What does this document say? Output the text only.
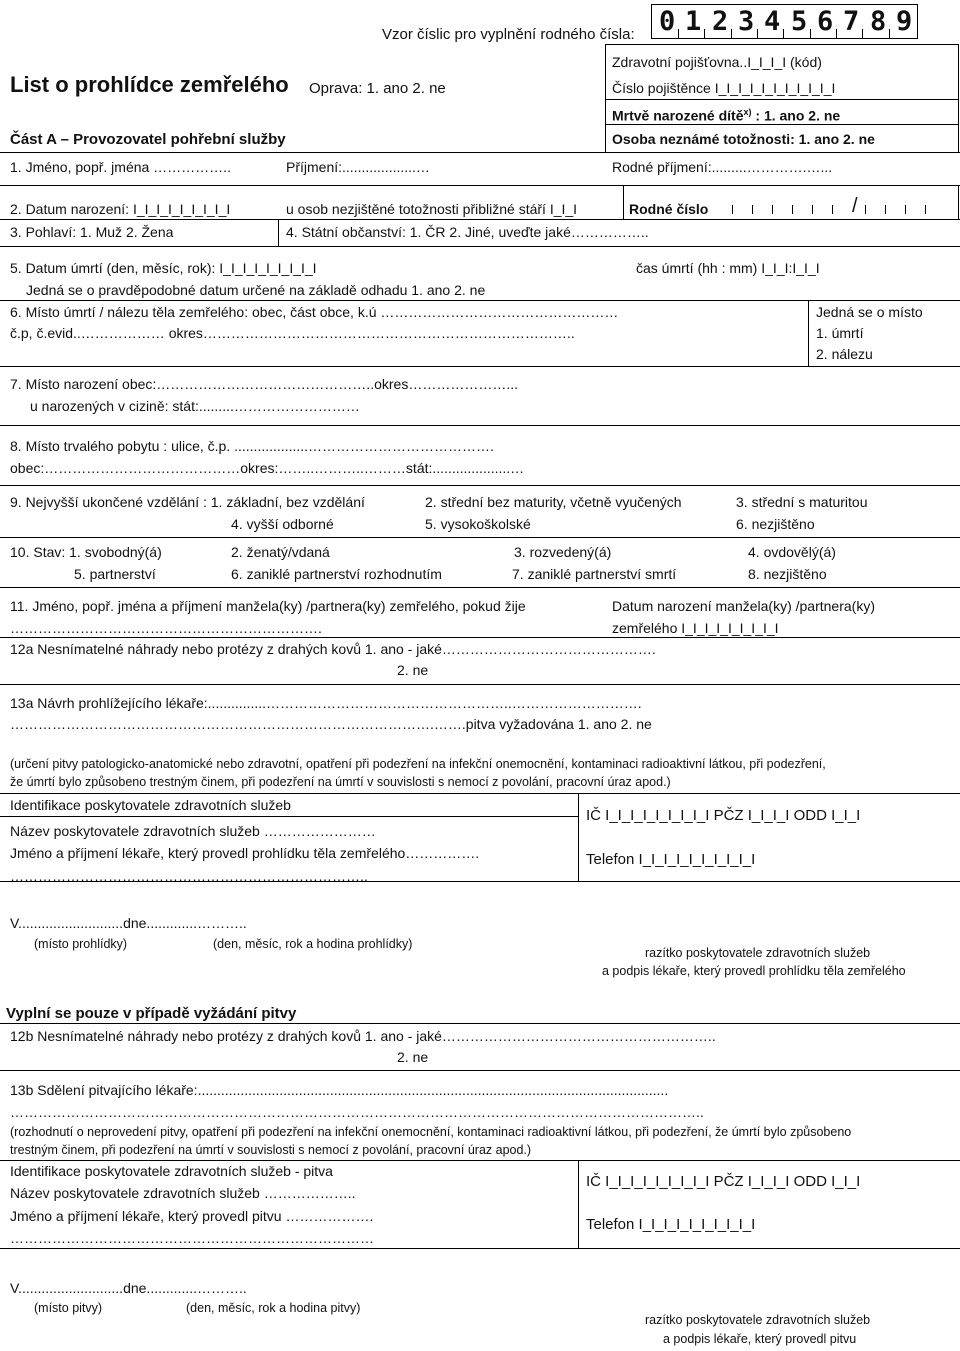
Vzor číslic pro vyplnění rodného čísla: 0 1 2 3 4 5 6 7 8 9
List o prohlídce zemřelého Oprava: 1. ano 2. ne
Zdravotní pojišťovna..I_I_I_I (kód)
Číslo pojištěnce I_I_I_I_I_I_I_I_I_I_I
Mrtvě narozené dítě$^{x)}$ : 1. ano 2. ne
Osoba neznámé totožnosti: 1. ano 2. ne
Část A – Provozovatel pohřební služby
1. Jméno, popř. jména ……………..	Příjmení:...................…	Rodné příjmení:.........………….…...
2. Datum narození: I_I_I_I_I_I_I_I_I	u osob nezjištěné totožnosti přibližné stáří I_I_I	Rodné číslo	/
3. Pohlaví: 1. Muž 2. Žena	4. Státní občanství: 1. ČR 2. Jiné, uveďte jaké……………..
5. Datum úmrtí (den, měsíc, rok): I_I_I_I_I_I_I_I_I	čas úmrtí (hh : mm) I_I_I:I_I_I
Jedná se o pravděpodobné datum určené na základě odhadu 1. ano 2. ne
6. Místo úmrtí / nálezu těla zemřelého: obec, část obce, k.ú ……………………………………………
č.p, č.evid..……………… okres……………………………………………………………………..
Jedná se o místo
1. úmrtí
2. nálezu
7. Místo narození obec:………………………………………..okres…………………...
u narozených v cizině: stát:.........………………………
8. Místo trvalého pobytu : ulice, č.p. ...................………………………………….
obec:……………………………………okres:……..………..………stát:....................…
9. Nejvyšší ukončené vzdělání : 1. základní, bez vzdělání	2. střední bez maturity, včetně vyučených	3. střední s maturitou
4. vyšší odborné	5. vysokoškolské	6. nezjištěno
10. Stav: 1. svobodný(á)	2. ženatý/vdaná	3. rozvedený(á)	4. ovdovělý(á)
5. partnerství	6. zaniklé partnerství rozhodnutím	7. zaniklé partnerství smrtí	8. nezjištěno
11. Jméno, popř. jména a příjmení manžela(ky) /partnera(ky) zemřelého, pokud žije
………………………………………………………….
Datum narození manžela(ky) /partnera(ky)
zemřelého I_I_I_I_I_I_I_I_I
12a Nesnímatelné náhrady nebo protézy z drahých kovů 1. ano - jaké……………………………………….
2. ne
13a Návrh prohlížejícího lékaře:...............……………………………………………..……………………….
……………………………………………………………………………….…….pitva vyžadována 1. ano 2. ne
(určení pitvy patologicko-anatomické nebo zdravotní, opatření při podezření na infekční onemocnění, kontaminaci radioaktivní látkou, při podezření,
že úmrtí bylo způsobeno trestným činem, při podezření na úmrtí v souvislosti s nemocí z povolání, pracovní úraz apod.)
Identifikace poskytovatele zdravotních služeb
Název poskytovatele zdravotních služeb ……………………
Jméno a příjmení lékaře, který provedl prohlídku těla zemřelého…………….
…………………………………………………………………..
IČ I_I_I_I_I_I_I_I_I PČZ I_I_I_I ODD I_I_I
Telefon I_I_I_I_I_I_I_I_I_I
V...........................dne.............………..
(místo prohlídky)	(den, měsíc, rok a hodina prohlídky)
razítko poskytovatele zdravotních služeb
a podpis lékaře, který provedl prohlídku těla zemřelého
Vyplní se pouze v případě vyžádání pitvy
12b Nesnímatelné náhrady nebo protézy z drahých kovů 1. ano - jaké…………………………………………………..
2. ne
13b Sdělení pitvajícího lékaře:.........................................................................................................................
…………………………………………………………………………………………………………………………………..
(rozhodnutí o neprovedení pitvy, opatření při podezření na infekční onemocnění, kontaminaci radioaktivní látkou, při podezření, že úmrtí bylo způsobeno
trestným činem, při podezření na úmrtí v souvislosti s nemocí z povolání, pracovní úraz apod.)
Identifikace poskytovatele zdravotních služeb - pitva
Název poskytovatele zdravotních služeb ………………..
Jméno a příjmení lékaře, který provedl pitvu ……………….
……………………………………………………………………
IČ I_I_I_I_I_I_I_I_I PČZ I_I_I_I ODD I_I_I
Telefon I_I_I_I_I_I_I_I_I_I
V...........................dne.............………..
(místo pitvy)	(den, měsíc, rok a hodina pitvy)
razítko poskytovatele zdravotních služeb
a podpis lékaře, který provedl pitvu
